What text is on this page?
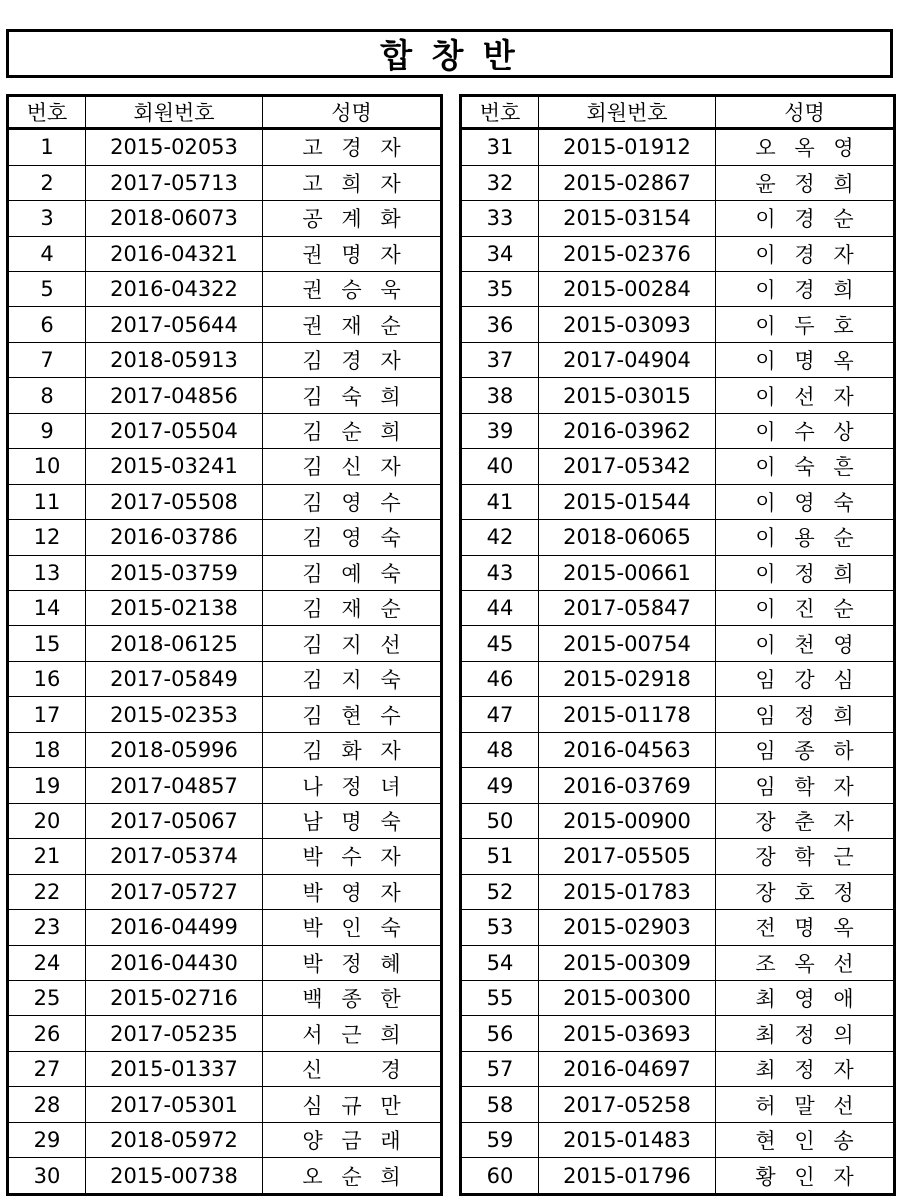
합 창 반
번호	회원번호	성명
1	2015-02053	고 경 자
2	2017-05713	고 희 자
3	2018-06073	공 계 화
4	2016-04321	권 명 자
5	2016-04322	권 승 욱
6	2017-05644	권 재 순
7	2018-05913	김 경 자
8	2017-04856	김 숙 희
9	2017-05504	김 순 희
10	2015-03241	김 신 자
11	2017-05508	김 영 수
12	2016-03786	김 영 숙
13	2015-03759	김 예 숙
14	2015-02138	김 재 순
15	2018-06125	김 지 선
16	2017-05849	김 지 숙
17	2015-02353	김 현 수
18	2018-05996	김 화 자
19	2017-04857	나 정 녀
20	2017-05067	남 명 숙
21	2017-05374	박 수 자
22	2017-05727	박 영 자
23	2016-04499	박 인 숙
24	2016-04430	박 정 혜
25	2015-02716	백 종 한
26	2017-05235	서 근 희
27	2015-01337	신 　 경
28	2017-05301	심 규 만
29	2018-05972	양 금 래
30	2015-00738	오 순 희
번호	회원번호	성명
31	2015-01912	오 옥 영
32	2015-02867	윤 정 희
33	2015-03154	이 경 순
34	2015-02376	이 경 자
35	2015-00284	이 경 희
36	2015-03093	이 두 호
37	2017-04904	이 명 옥
38	2015-03015	이 선 자
39	2016-03962	이 수 상
40	2017-05342	이 숙 흔
41	2015-01544	이 영 숙
42	2018-06065	이 용 순
43	2015-00661	이 정 희
44	2017-05847	이 진 순
45	2015-00754	이 천 영
46	2015-02918	임 강 심
47	2015-01178	임 정 희
48	2016-04563	임 종 하
49	2016-03769	임 학 자
50	2015-00900	장 춘 자
51	2017-05505	장 학 근
52	2015-01783	장 호 정
53	2015-02903	전 명 옥
54	2015-00309	조 옥 선
55	2015-00300	최 영 애
56	2015-03693	최 정 의
57	2016-04697	최 정 자
58	2017-05258	허 말 선
59	2015-01483	현 인 송
60	2015-01796	황 인 자
